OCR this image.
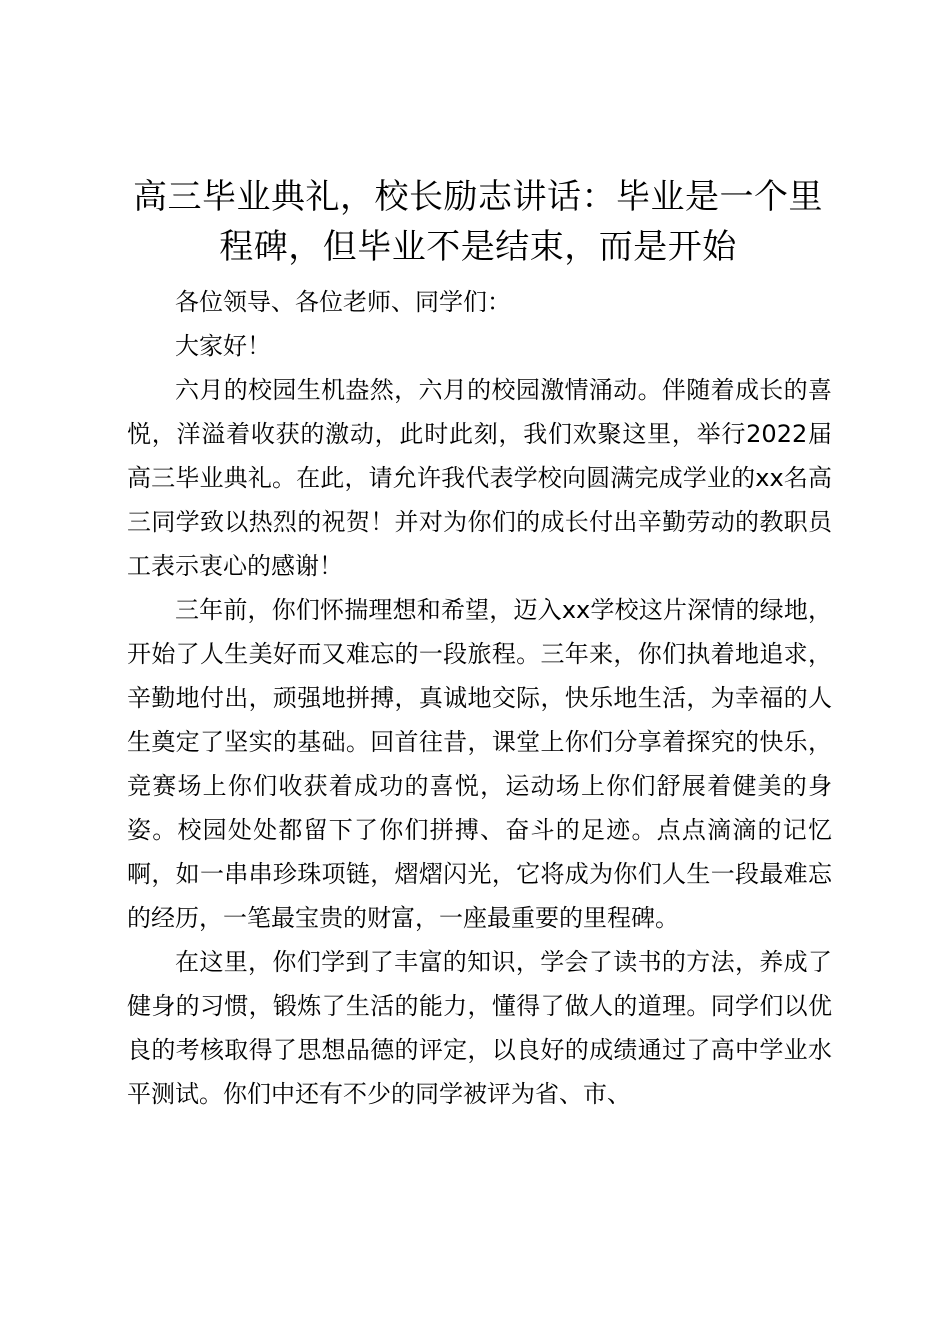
高三毕业典礼，校长励志讲话：毕业是一个里程碑，但毕业不是结束，而是开始

各位领导、各位老师、同学们：

大家好！

六月的校园生机盎然，六月的校园激情涌动。伴随着成长的喜悦，洋溢着收获的激动，此时此刻，我们欢聚这里，举行2022届高三毕业典礼。在此，请允许我代表学校向圆满完成学业的xx名高三同学致以热烈的祝贺！并对为你们的成长付出辛勤劳动的教职员工表示衷心的感谢！

三年前，你们怀揣理想和希望，迈入xx学校这片深情的绿地，开始了人生美好而又难忘的一段旅程。三年来，你们执着地追求，辛勤地付出，顽强地拼搏，真诚地交际，快乐地生活，为幸福的人生奠定了坚实的基础。回首往昔，课堂上你们分享着探究的快乐，竞赛场上你们收获着成功的喜悦，运动场上你们舒展着健美的身姿。校园处处都留下了你们拼搏、奋斗的足迹。点点滴滴的记忆啊，如一串串珍珠项链，熠熠闪光，它将成为你们人生一段最难忘的经历，一笔最宝贵的财富，一座最重要的里程碑。

在这里，你们学到了丰富的知识，学会了读书的方法，养成了健身的习惯，锻炼了生活的能力，懂得了做人的道理。同学们以优良的考核取得了思想品德的评定，以良好的成绩通过了高中学业水平测试。你们中还有不少的同学被评为省、市、
